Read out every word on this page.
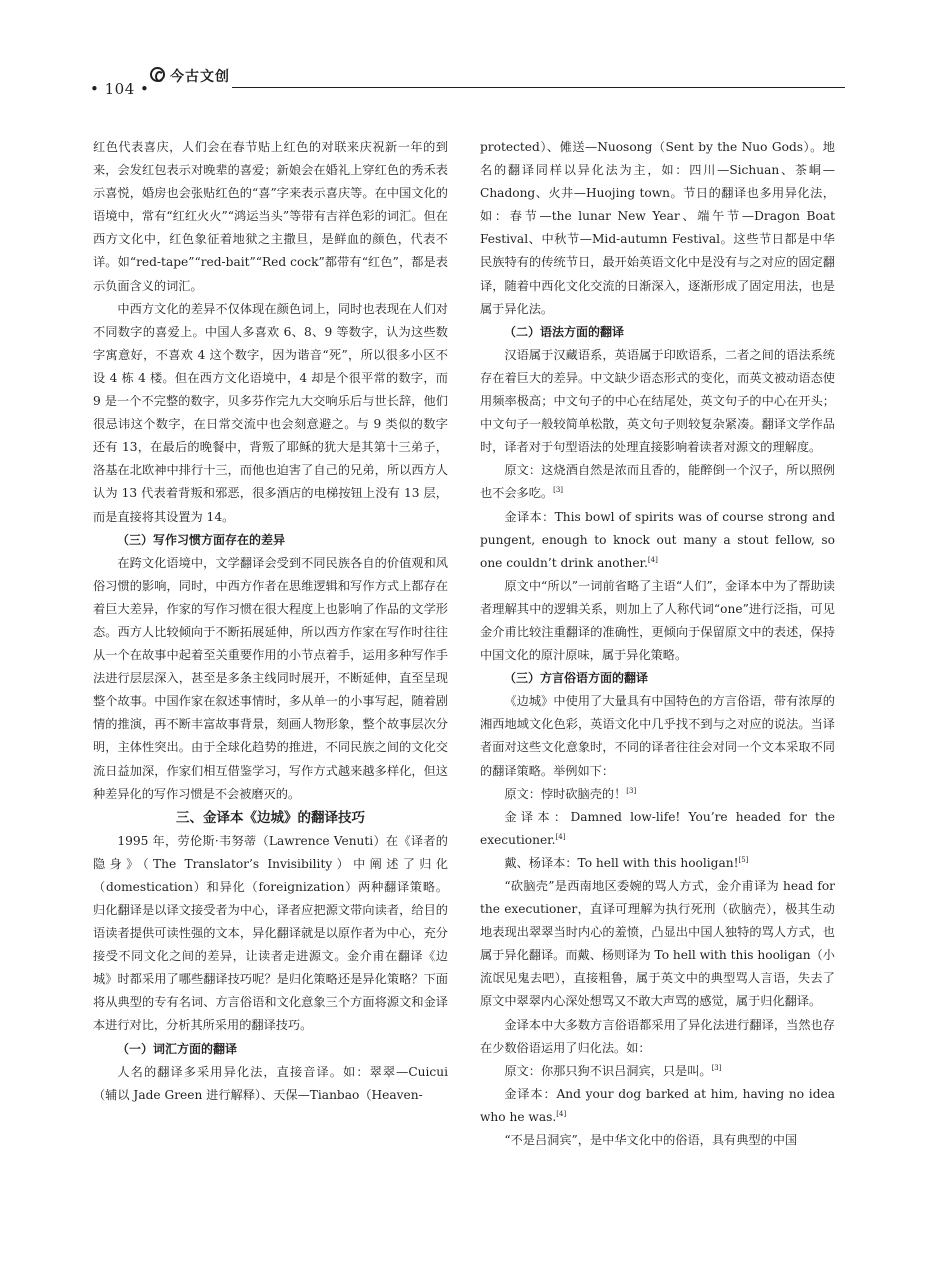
• 104 •
今古文创

红色代表喜庆，人们会在春节贴上红色的对联来庆祝新一年的到来，会发红包表示对晚辈的喜爱；新娘会在婚礼上穿红色的秀禾表示喜悦，婚房也会张贴红色的“喜”字来表示喜庆等。在中国文化的语境中，常有“红红火火”“鸿运当头”等带有吉祥色彩的词汇。但在西方文化中，红色象征着地狱之主撒旦，是鲜血的颜色，代表不详。如“red-tape”“red-bait”“Red cock”都带有“红色”，都是表示负面含义的词汇。

中西方文化的差异不仅体现在颜色词上，同时也表现在人们对不同数字的喜爱上。中国人多喜欢 6、8、9 等数字，认为这些数字寓意好，不喜欢 4 这个数字，因为谐音“死”，所以很多小区不设 4 栋 4 楼。但在西方文化语境中，4 却是个很平常的数字，而 9 是一个不完整的数字，贝多芬作完九大交响乐后与世长辞，他们很忌讳这个数字，在日常交流中也会刻意避之。与 9 类似的数字还有 13，在最后的晚餐中，背叛了耶稣的犹大是其第十三弟子，洛基在北欧神中排行十三，而他也迫害了自己的兄弟，所以西方人认为 13 代表着背叛和邪恶，很多酒店的电梯按钮上没有 13 层，而是直接将其设置为 14。

（三）写作习惯方面存在的差异

在跨文化语境中，文学翻译会受到不同民族各自的价值观和风俗习惯的影响，同时，中西方作者在思维逻辑和写作方式上都存在着巨大差异，作家的写作习惯在很大程度上也影响了作品的文学形态。西方人比较倾向于不断拓展延伸，所以西方作家在写作时往往从一个在故事中起着至关重要作用的小节点着手，运用多种写作手法进行层层深入，甚至是多条主线同时展开，不断延伸，直至呈现整个故事。中国作家在叙述事情时，多从单一的小事写起，随着剧情的推演，再不断丰富故事背景，刻画人物形象，整个故事层次分明，主体性突出。由于全球化趋势的推进，不同民族之间的文化交流日益加深，作家们相互借鉴学习，写作方式越来越多样化，但这种差异化的写作习惯是不会被磨灭的。

三、金译本《边城》的翻译技巧

1995 年，劳伦斯·韦努蒂（Lawrence Venuti）在《译者的隐身》（The Translator’s Invisibility）中阐述了归化（domestication）和异化（foreignization）两种翻译策略。归化翻译是以译文接受者为中心，译者应把源文带向读者，给目的语读者提供可读性强的文本，异化翻译就是以原作者为中心，充分接受不同文化之间的差异，让读者走进源文。金介甫在翻译《边城》时都采用了哪些翻译技巧呢？是归化策略还是异化策略？下面将从典型的专有名词、方言俗语和文化意象三个方面将源文和金译本进行对比，分析其所采用的翻译技巧。

（一）词汇方面的翻译

人名的翻译多采用异化法，直接音译。如：翠翠—Cuicui（辅以 Jade Green 进行解释）、天保—Tianbao（Heaven-

protected）、傩送—Nuosong（Sent by the Nuo Gods）。地名的翻译同样以异化法为主，如：四川—Sichuan、茶峒—Chadong、火井—Huojing town。节日的翻译也多用异化法，如：春节—the lunar New Year、端午节—Dragon Boat Festival、中秋节—Mid-autumn Festival。这些节日都是中华民族特有的传统节日，最开始英语文化中是没有与之对应的固定翻译，随着中西化文化交流的日渐深入，逐渐形成了固定用法，也是属于异化法。

（二）语法方面的翻译

汉语属于汉藏语系，英语属于印欧语系，二者之间的语法系统存在着巨大的差异。中文缺少语态形式的变化，而英文被动语态使用频率极高；中文句子的中心在结尾处，英文句子的中心在开头；中文句子一般较简单松散，英文句子则较复杂紧凑。翻译文学作品时，译者对于句型语法的处理直接影响着读者对源文的理解度。

原文：这烧酒自然是浓而且香的，能醉倒一个汉子，所以照例也不会多吃。[3]

金译本：This bowl of spirits was of course strong and pungent, enough to knock out many a stout fellow, so one couldn’t drink another.[4]

原文中“所以”一词前省略了主语“人们”，金译本中为了帮助读者理解其中的逻辑关系，则加上了人称代词“one”进行泛指，可见金介甫比较注重翻译的准确性，更倾向于保留原文中的表述，保持中国文化的原汁原味，属于异化策略。

（三）方言俗语方面的翻译

《边城》中使用了大量具有中国特色的方言俗语，带有浓厚的湘西地域文化色彩，英语文化中几乎找不到与之对应的说法。当译者面对这些文化意象时，不同的译者往往会对同一个文本采取不同的翻译策略。举例如下：

原文：悖时砍脑壳的！[3]

金译本：Damned low-life! You’re headed for the executioner.[4]

戴、杨译本：To hell with this hooligan![5]

“砍脑壳”是西南地区委婉的骂人方式，金介甫译为 head for the executioner，直译可理解为执行死刑（砍脑壳），极其生动地表现出翠翠当时内心的羞愤，凸显出中国人独特的骂人方式，也属于异化翻译。而戴、杨则译为 To hell with this hooligan（小流氓见鬼去吧），直接粗鲁，属于英文中的典型骂人言语，失去了原文中翠翠内心深处想骂又不敢大声骂的感觉，属于归化翻译。

金译本中大多数方言俗语都采用了异化法进行翻译，当然也存在少数俗语运用了归化法。如：

原文：你那只狗不识吕洞宾，只是叫。[3]

金译本：And your dog barked at him, having no idea who he was.[4]

“不是吕洞宾”，是中华文化中的俗语，具有典型的中国
